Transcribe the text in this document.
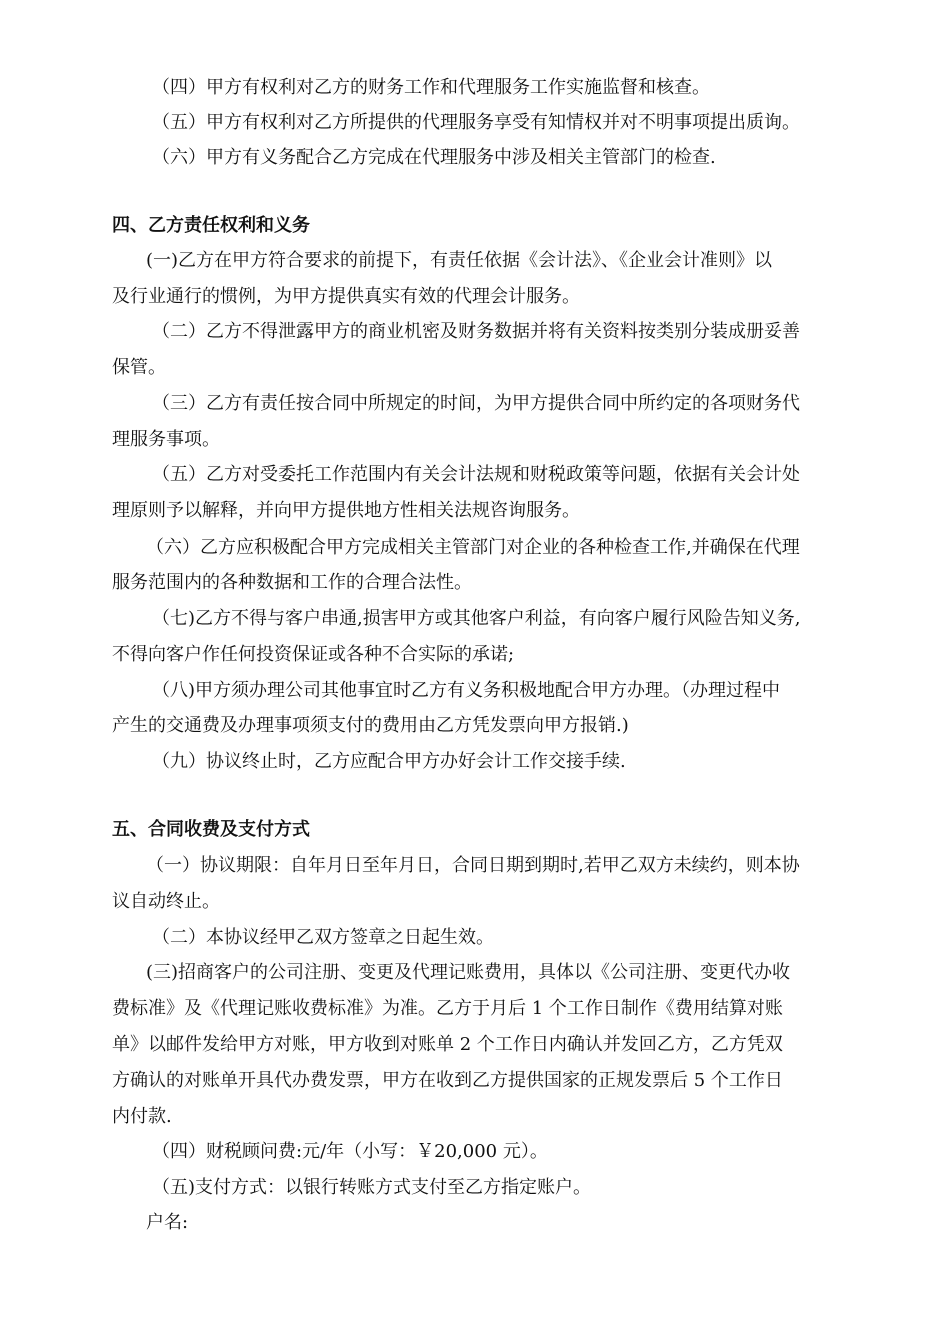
（四）甲方有权利对乙方的财务工作和代理服务工作实施监督和核查。
（五）甲方有权利对乙方所提供的代理服务享受有知情权并对不明事项提出质询。
（六）甲方有义务配合乙方完成在代理服务中涉及相关主管部门的检查.
四、乙方责任权利和义务
(一)乙方在甲方符合要求的前提下，有责任依据《会计法》、《企业会计准则》以
及行业通行的惯例，为甲方提供真实有效的代理会计服务。
（二）乙方不得泄露甲方的商业机密及财务数据并将有关资料按类别分装成册妥善
保管。
（三）乙方有责任按合同中所规定的时间，为甲方提供合同中所约定的各项财务代
理服务事项。
（五）乙方对受委托工作范围内有关会计法规和财税政策等问题，依据有关会计处
理原则予以解释，并向甲方提供地方性相关法规咨询服务。
（六）乙方应积极配合甲方完成相关主管部门对企业的各种检查工作,并确保在代理
服务范围内的各种数据和工作的合理合法性。
（七)乙方不得与客户串通,损害甲方或其他客户利益，有向客户履行风险告知义务,
不得向客户作任何投资保证或各种不合实际的承诺;
（八)甲方须办理公司其他事宜时乙方有义务积极地配合甲方办理。（办理过程中
产生的交通费及办理事项须支付的费用由乙方凭发票向甲方报销.)
（九）协议终止时，乙方应配合甲方办好会计工作交接手续.
五、合同收费及支付方式
（一）协议期限：自年月日至年月日，合同日期到期时,若甲乙双方未续约，则本协
议自动终止。
（二）本协议经甲乙双方签章之日起生效。
(三)招商客户的公司注册、变更及代理记账费用，具体以《公司注册、变更代办收
费标准》及《代理记账收费标准》为准。乙方于月后 1 个工作日制作《费用结算对账
单》以邮件发给甲方对账，甲方收到对账单 2 个工作日内确认并发回乙方，乙方凭双
方确认的对账单开具代办费发票，甲方在收到乙方提供国家的正规发票后 5 个工作日
内付款.
（四）财税顾问费:元/年（小写：￥20,000 元）。
（五)支付方式：以银行转账方式支付至乙方指定账户。
户名:
